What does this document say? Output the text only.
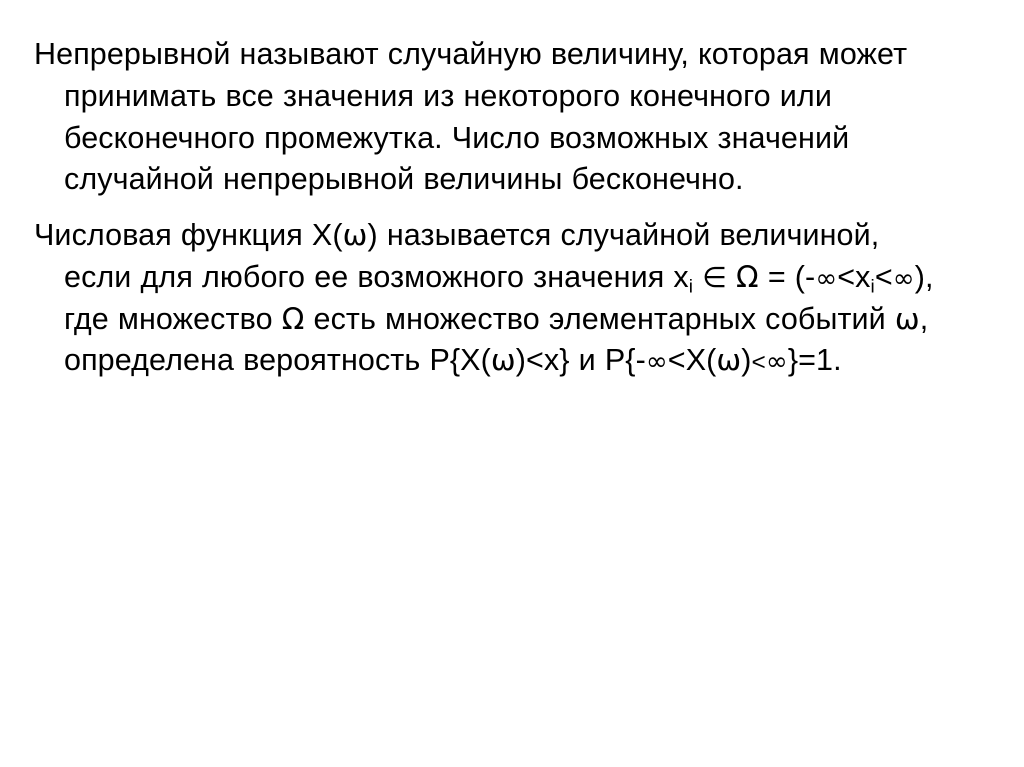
Непрерывной называют случайную величину, которая может принимать все значения из некоторого конечного или бесконечного промежутка. Число возможных значений случайной непрерывной величины бесконечно.

Числовая функция X(ω) называется случайной величиной, если для любого ее возможного значения $x_i$ ∈ $\Omega = (-\infty<x_i<\infty)$, где множество Ω есть множество элементарных событий ω, определена вероятность P{X(ω)<x} и P{-∞<X(ω)<∞}=1.
